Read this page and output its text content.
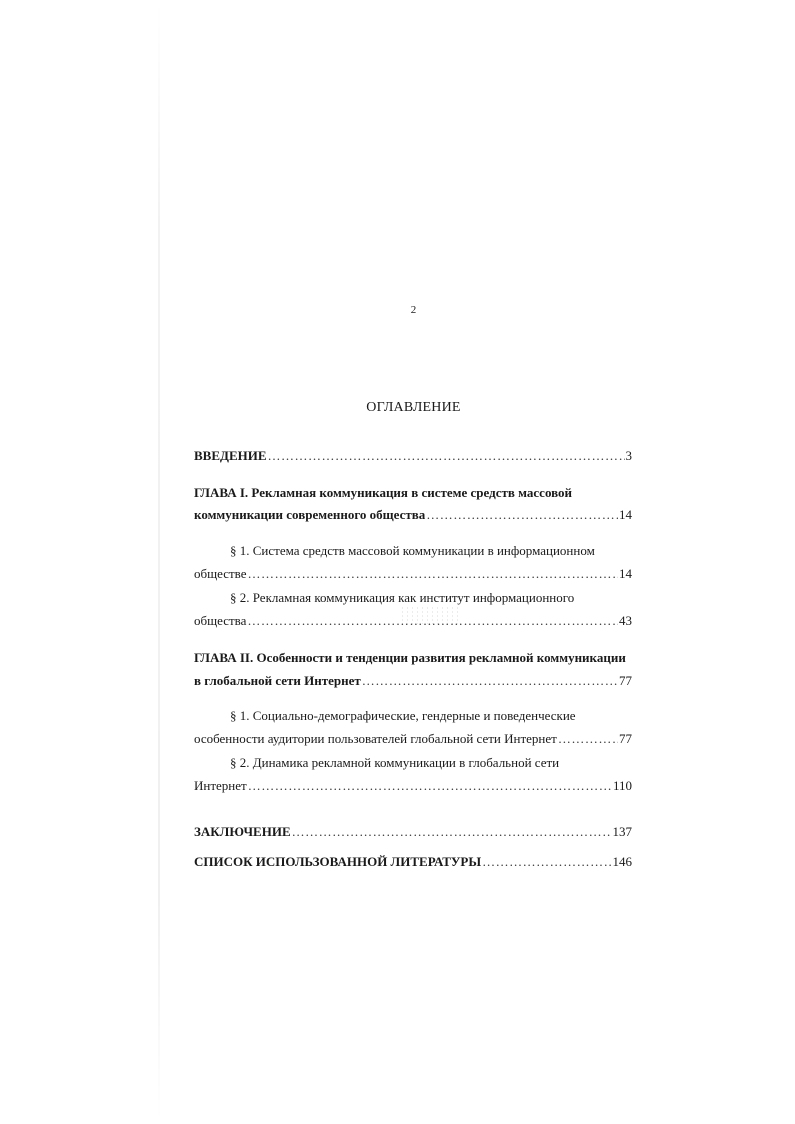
2
ОГЛАВЛЕНИЕ
ВВЕДЕНИЕ ……………………………………………………………………………………………………………………………………………………………	3
ГЛАВА I. Рекламная коммуникация в системе средств массовой
коммуникации современного общества ……………………………………………………………………………………………………………………………………………………………	14
§ 1. Система средств массовой коммуникации в информационном
обществе ……………………………………………………………………………………………………………………………………………………………	14
§ 2. Рекламная коммуникация как институт информационного
общества ……………………………………………………………………………………………………………………………………………………………	43
ГЛАВА II. Особенности и тенденции развития рекламной коммуникации
в глобальной сети Интернет ……………………………………………………………………………………………………………………………………………………………	77
§ 1. Социально-демографические, гендерные и поведенческие
особенности аудитории пользователей глобальной сети Интернет ……………………………………………………………………………………………………………………………………………………………	77
§ 2. Динамика рекламной коммуникации в глобальной сети
Интернет ……………………………………………………………………………………………………………………………………………………………	110
ЗАКЛЮЧЕНИЕ ……………………………………………………………………………………………………………………………………………………………	137
СПИСОК ИСПОЛЬЗОВАННОЙ ЛИТЕРАТУРЫ ……………………………………………………………………………………………………………………………………………………………	146
